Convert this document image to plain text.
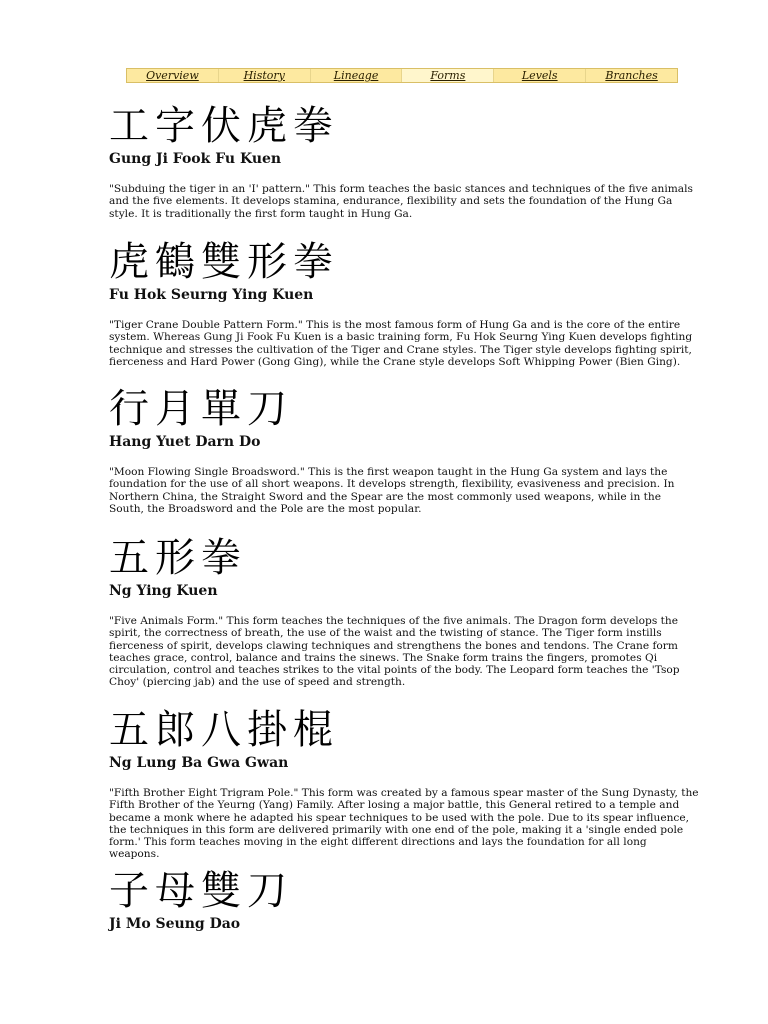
Overview	History	Lineage	Forms	Levels	Branches
工字伏虎拳
Gung Ji Fook Fu Kuen
"Subduing the tiger in an 'I' pattern." This form teaches the basic stances and techniques of the five animals and the five elements. It develops stamina, endurance, flexibility and sets the foundation of the Hung Ga style. It is traditionally the first form taught in Hung Ga.
虎鶴雙形拳
Fu Hok Seurng Ying Kuen
"Tiger Crane Double Pattern Form." This is the most famous form of Hung Ga and is the core of the entire system. Whereas Gung Ji Fook Fu Kuen is a basic training form, Fu Hok Seurng Ying Kuen develops fighting technique and stresses the cultivation of the Tiger and Crane styles. The Tiger style develops fighting spirit, fierceness and Hard Power (Gong Ging), while the Crane style develops Soft Whipping Power (Bien Ging).
行月單刀
Hang Yuet Darn Do
"Moon Flowing Single Broadsword." This is the first weapon taught in the Hung Ga system and lays the foundation for the use of all short weapons. It develops strength, flexibility, evasiveness and precision. In Northern China, the Straight Sword and the Spear are the most commonly used weapons, while in the South, the Broadsword and the Pole are the most popular.
五形拳
Ng Ying Kuen
"Five Animals Form." This form teaches the techniques of the five animals. The Dragon form develops the spirit, the correctness of breath, the use of the waist and the twisting of stance. The Tiger form instills fierceness of spirit, develops clawing techniques and strengthens the bones and tendons. The Crane form teaches grace, control, balance and trains the sinews. The Snake form trains the fingers, promotes Qi circulation, control and teaches strikes to the vital points of the body. The Leopard form teaches the 'Tsop Choy' (piercing jab) and the use of speed and strength.
五郎八掛棍
Ng Lung Ba Gwa Gwan
"Fifth Brother Eight Trigram Pole." This form was created by a famous spear master of the Sung Dynasty, the Fifth Brother of the Yeurng (Yang) Family. After losing a major battle, this General retired to a temple and became a monk where he adapted his spear techniques to be used with the pole. Due to its spear influence, the techniques in this form are delivered primarily with one end of the pole, making it a 'single ended pole form.' This form teaches moving in the eight different directions and lays the foundation for all long weapons.
子母雙刀
Ji Mo Seung Dao
